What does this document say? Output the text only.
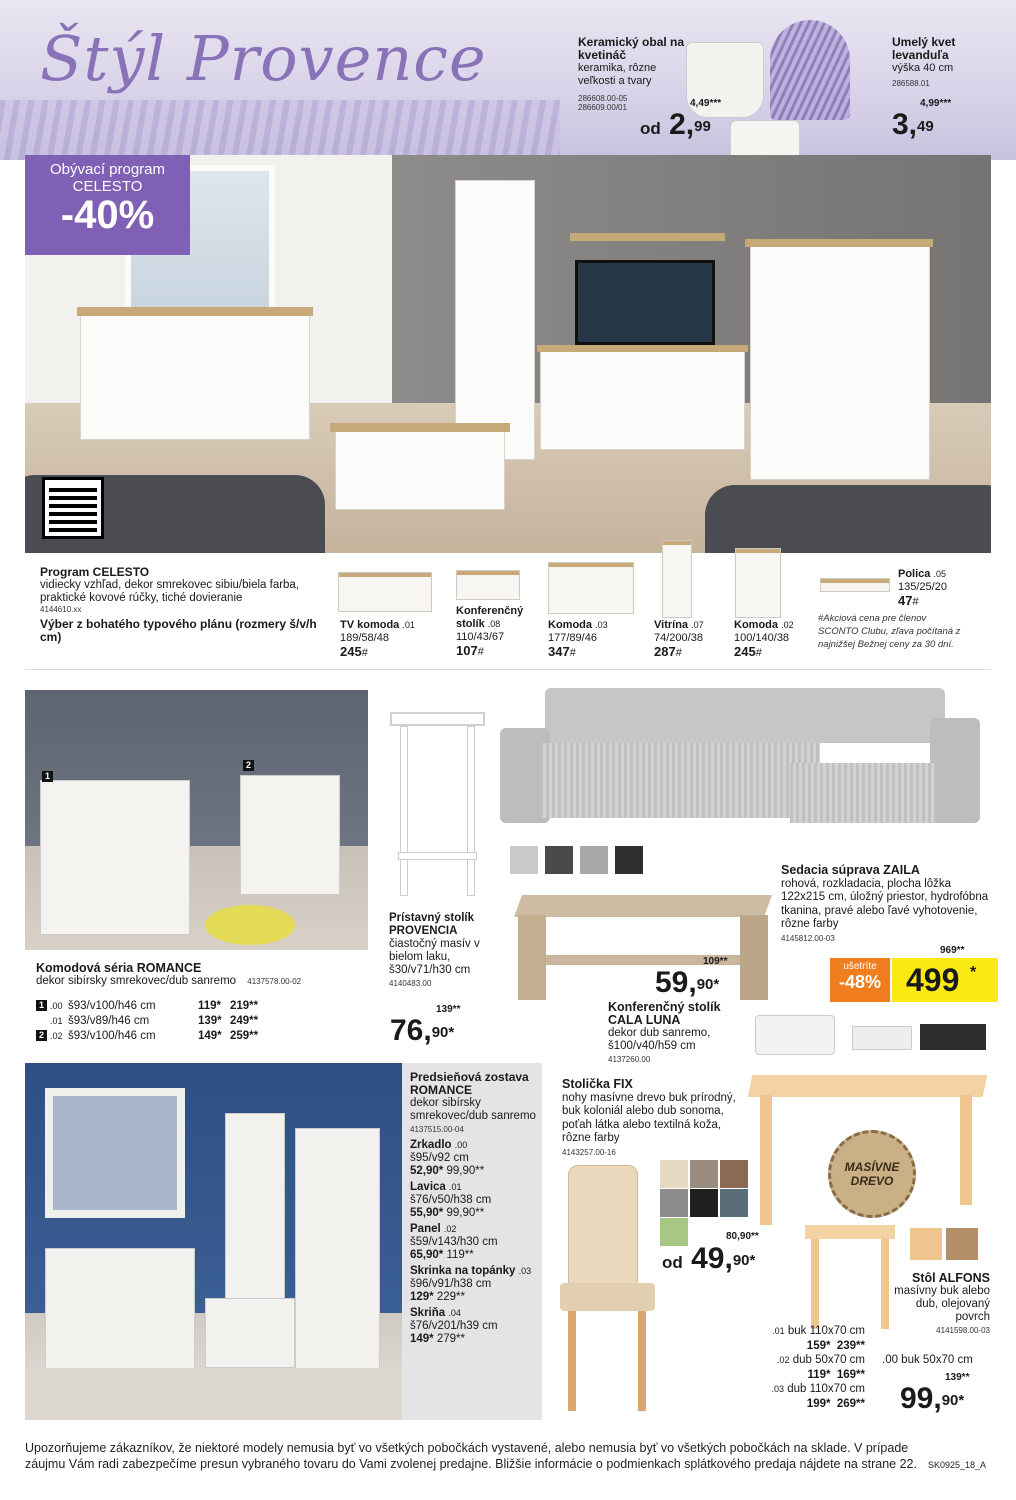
Štýl Provence	Keramický obal na kvetináč
keramika, rôzne veľkosti a tvary
286608.00-05
286609.00/01	4,49***
od 2,99
Umelý kvet levanduľa
výška 40 cm
286588.01
4,99***
3,49
Obývací program
CELESTO
-40%
Program CELESTO
vidiecky vzhľad, dekor smrekovec sibiu/biela farba, praktické kovové rúčky, tiché dovieranie
4144610.xx
Výber z bohatého typového plánu (rozmery š/v/h cm)
TV komoda .01
189/58/48
245#
Konferenčný stolík .08
110/43/67
107#
Komoda .03
177/89/46
347#
Vitrína .07
74/200/38
287#
Komoda .02
100/140/38
245#
Polica .05
135/25/20
47#
#Akciová cena pre členov SCONTO Clubu, zľava počítaná z najnižšej Bežnej ceny za 30 dní.
1
2
Komodová séria ROMANCE
dekor sibírsky smrekovec/dub sanremo 4137578.00-02
1 .00 š93/v100/h46 cm	119* 219**
.01 š93/v89/h46 cm	139* 249**
2 .02 š93/v100/h46 cm	149* 259**
Prístavný stolík PROVENCIA
čiastočný masív v bielom laku, š30/v71/h30 cm
4140483.00
139**
76,$^{90*}$
Sedacia súprava ZAILA
rohová, rozkladacia, plocha lôžka 122x215 cm, úložný priestor, hydrofóbna tkanina, pravé alebo ľavé vyhotovenie, rôzne farby
4145812.00-03
969**
ušetríte
-48% 499 *
109**
59,$^{90*}$
Konferenčný stolík CALA LUNA
dekor dub sanremo, š100/v40/h59 cm
4137260.00
Predsieňová zostava ROMANCE
dekor sibírsky smrekovec/dub sanremo
4137515.00-04
Zrkadlo .00
š95/v92 cm
52,90* 99,90**
Lavica .01
š76/v50/h38 cm
55,90* 99,90**
Panel .02
š59/v143/h30 cm
65,90* 119**
Skrinka na topánky .03
š96/v91/h38 cm
129* 229**
Skriňa .04
š76/v201/h39 cm
149* 279**
Stolička FIX
nohy masívne drevo buk prírodný, buk koloniál alebo dub sonoma, poťah látka alebo textilná koža, rôzne farby
4143257.00-16
80,90**
od 49,$^{90*}$
MASÍVNE DREVO
Stôl ALFONS
masívny buk alebo dub, olejovaný povrch
4141598.00-03
.01 buk 110x70 cm
159* 239**
.02 dub 50x70 cm
119* 169**
.03 dub 110x70 cm
199* 269**
.00 buk 50x70 cm
139**
99,$^{90*}$
Upozorňujeme zákazníkov, že niektoré modely nemusia byť vo všetkých pobočkách vystavené, alebo nemusia byť vo všetkých pobočkách na sklade. V prípade záujmu Vám radi zabezpečíme presun vybraného tovaru do Vami zvolenej predajne. Bližšie informácie o podmienkach splátkového predaja nájdete na strane 22.	SK0925_18_A
